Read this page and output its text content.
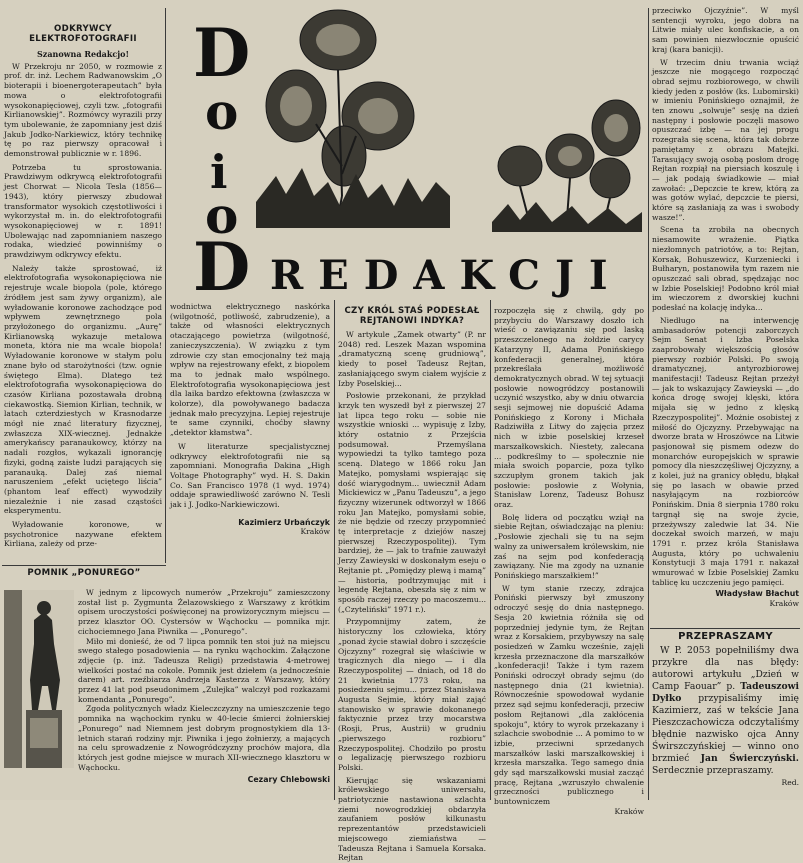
ODKRYWCY ELEKTROFOTOGRAFII
Szanowna Redakcjo!

W Przekroju nr 2050, w rozmowie z prof. dr. inż. Lechem Radwanowskim „O bioterapii i bioenergoterapeutach” była mowa o elektrofotografii wysokonapięciowej, czyli tzw. „fotografii Kirlianowskiej”. Rozmówcy wyrazili przy tym ubolewanie, że zapomniany jest dziś Jakub Jodko-Narkiewicz, który technikę tę po raz pierwszy opracował i demonstrował publicznie w r. 1896.

Potrzeba tu sprostowania. Prawdziwym odkrywcą elektrofotografii jest Chorwat — Nicola Tesla (1856—1943), który pierwszy zbudował transformator wysokich częstotliwości i wykorzystał m. in. do elektrofotografii wysokonapięciowej w r. 1891! Ubolewając nad zapomnianiem naszego rodaka, wiedzieć powinniśmy o prawdziwym odkrywcy efektu.

Należy także sprostować, iż elektrofotografia wysokonapięciowa nie rejestruje wcale biopola (pole, którego źródłem jest sam żywy organizm), ale wyładowanie koronowe zachodzące pod wpływem zewnętrznego pola przyłożonego do organizmu. „Aurę” Kirlianowską wykazuje metalowa moneta, która nie ma wcale biopola! Wyładowanie koronowe w stałym polu znane było od starożytności (tzw. ognie świętego Elma). Dlatego też elektrofotografia wysokonapięciowa do czasów Kirliana pozostawała drobną ciekawostką. Siemion Kirlian, technik, w latach czterdziestych w Krasnodarze mógł nie znać literatury fizycznej, zwłaszcza XIX-wiecznej. Jednakże amerykańscy paranaukowcy, którzy na nadali rozgłos, wykazali ignorancję fizyki, godną zaiste ludzi parających się paranauką. Dalej zaś niemal naruszeniem „efekt uciętego liścia” (phantom leaf effect) wywodziły niezależnie i nie zasad cząstości eksperymentu.

Wyładowanie koronowe, w psychotronice nazywane efektem Kirliana, zależy od prze-

D
o
i
o
D REDAKCJI

wodnictwa elektrycznego naskórka (wilgotność, potliwość, zabrudzenie), a także od własności elektrycznych otaczającego powietrza (wilgotność, zanieczyszczenia). W związku z tym zdrowie czy stan emocjonalny też mają wpływ na rejestrowany efekt, z biopolem ma to jednak mało wspólnego. Elektrofotografia wysokonapięciowa jest dla laika bardzo efektowna (zwłaszcza w kolorze), dla powoływanego badacza jednak mało precyzyjna. Lepiej rejestruje te same czynniki, choćby sławny „detektor kłamstwa”.

W literaturze specjalistycznej odkrywcy elektrofotografii nie są zapomniani. Monografia Dakina „High Voltage Photography” wyd. H. S. Dakin Co. San Francisco 1978 (1 wyd. 1974) oddaje sprawiedliwość zarówno N. Tesli jak i J. Jodko-Narkiewiczowi.

Kazimierz Urbańczyk
Kraków
CZY KRÓL STAŚ PODESŁAŁ REJTANOWI INDYKA?

W artykule „Zamek otwarty” (P. nr 2048) red. Leszek Mazan wspomina „dramatyczną scenę grudniową”, kiedy to poseł Tadeusz Rejtan, zasłaniającego swym ciałem wyjście z Izby Poselskiej...

Posłowie przekonani, że przykład krzyk ten wyszedł był z pierwszej 27 lat lipca tego roku — sobie nie wszystkie wnioski ... wypisuję z Izby, który ostatnio z Przejścia podsumował. Przemyślana wypowiedzi ta tylko tamtego poza sceną. Dlatego w 1866 roku Jan Matejko, pomysłami wspierając się dość wiarygodnym... uwiecznił Adam Mickiewicz w „Panu Tadeuszu”, a jego fizyczny wizerunek odtworzył w 1866 roku Jan Matejko, pomysłami sobie, że nie będzie od rzeczy przypomnieć tę interpretacje z dziejów naszej pierwszej Rzeczypospolitej). Tym bardziej, że — jak to trafnie zauważył Jerzy Zawieyski w doskonałym eseju o Rejtanie pt. „Pomiędzy plewą i mamą” — historia, podtrzymując mit i legendę Rejtana, obeszła się z nim w sposób raczej rzeczy po macoszemu... („Czyteliński” 1971 r.).

Przypomnijmy zatem, że historyczny los człowieka, który „ponad życie stawiał dobro i szczęście Ojczyzny” rozegrał się właściwie w tragicznych dla niego — i dla Rzeczypospolitej — dniach, od 18 do 21 kwietnia 1773 roku, na posiedzeniu sejmu... przez Stanisława Augusta Sejmie, który miał zająć stanowisko w sprawie dokonanego faktycznie przez trzy mocarstwa (Rosji, Prus, Austrii) w grudniu „pierwszego rozbioru” Rzeczypospolitej. Chodziło po prostu o legalizację pierwszego rozbioru Polski.

Kierując się wskazaniami królewskiego uniwersału, patriotycznie nastawiona szlachta ziemi nowogrodzkiej obdarzyła zaufaniem posłów kilkunastu reprezentantów przedstawicieli miejscowego ziemiaństwa — Tadeusza Rejtana i Samuela Korsaka. Rejtan

rozpoczęła się z chwilą, gdy po przybyciu do Warszawy doszło ich wieść o zawiązaniu się pod laską przeszczelonego na żołdzie carycy Katarzyny II, Adama Ponińskiego konfederacji generalnej, która przekreślała możliwość demokratycznych obrad. W tej sytuacji posłowie nowogródzcy postanowili uczynić wszystko, aby w dniu otwarcia sesji sejmowej nie dopuścić Adama Ponińskiego z Korony i Michała Radziwiłła z Litwy do zajęcia przez nich w izbie poselskiej krzeseł marszałkowskich. Niestety, zalecana ... podkreślmy to — społecznie nie miała swoich poparcie, poza tylko szczupłym gronem takich jak posłowie: posłowie z Wołynia, Stanisław Lorenz, Tadeusz Bohusz oraz.

Bolę lidera od początku wziął na siebie Rejtan, oświadczając na pleniu: „Posłowie zjechali się tu na sejm walny za uniwersałem królewskim, nie zaś na sejm pod konfederacją zawiązany. Nie ma zgody na uznanie Ponińskiego marszałkiem!”

W tym stanie rzeczy, zdrajca Poniński pierwszy był zmuszony odroczyć sesję do dnia następnego. Sesja 20 kwietnia różniła się od poprzedniej jedynie tym, że Rejtan wraz z Korsakiem, przybywszy na salę posiedzeń w Zamku wcześnie, zajęli krzesła przeznaczone dla marszałków „konfederacji! Także i tym razem Poniński odroczył obrady sejmu (do następnego dnia (21 kwietnia). Równocześnie spowodował wydanie przez sąd sejmu konfederacji, przeciw posłom Rejtanowi „dla zakłócenia spokoju”, który to wyrok przekazany i szlachcie swobodnie ... A pomimo to w izbie, przeciwni sprzedanych marszałków laski marszałkowskiej i krzesła marszałka. Tego samego dnia gdy sąd marszałkowski musiał zacząć pracę, Rejtana „wzruszyło chwalenie grzeczności publicznego i buntowniczem

Kraków

przeciwko Ojczyźnie”. W myśl sentencji wyroku, jego dobra na Litwie miały ulec konfiskacie, a on sam powinien niezwłocznie opuścić kraj (kara banicji).

W trzecim dniu trwania wciąż jeszcze nie mogącego rozpocząć obrad sejmu rozbiorowego, w chwili kiedy jeden z posłów (ks. Lubomirski) w imieniu Ponińskiego oznajmił, że ten znowu „solwuje” sesję na dzień następny i posłowie poczęli masowo opuszczać izbę — na jej progu rozegrała się scena, która tak dobrze pamiętamy z obrazu Matejki. Tarasujący swoją osobą posłom drogę Rejtan rozpiął na piersiach koszulę i — jak podają świadkowie — miał zawołać: „Depczcie te krew, którą za was gotów wylać, depczcie te piersi, które są zasłaniają za was i swobody wasze!”.

Scena ta zrobiła na obecnych niesamowite wrażenie. Piątka niezłomnych patriotów, a to: Rejtan, Korsak, Bohuszewicz, Kurzeniecki i Bułharyn, postanowiła tym razem nie opuszczać sali obrad, spędzając noc w Izbie Poselskiej! Podobno król miał im wieczorem z dworskiej kuchni podesłać na kolację indyka...

Niedługo na interwencję ambasadorów potencji zaborczych Sejm Senat i Izba Poselska zaaprobowały większością głosów pierwszy rozbiór Polski. Po swoją dramatycznej, antyrozbiorowej manifestacji! Tadeusz Rejtan przeżył — jak to wskazujący Zawieyski — „do końca drogę swojej klęski, która mijała się w jedno z klęską Rzeczypospolitej”. Możnie osobistej z miłość do Ojczyzny. Przebywając na dworze brata w Hroszówce na Litwie pasjonował się pismem odezw do monarchów europejskich w sprawie pomocy dla nieszczęśliwej Ojczyzny, a z kolei, już na granicy obłędu, błąkał się po lasach w obawie przed nasyłającym na rozbiorców Ponińskim. Dnia 8 sierpnia 1780 roku targnął się na swoje życie, przeżywszy zaledwie lat 34. Nie doczekał swoich marzeń, w maju 1791 r. przez króla Stanisława Augusta, który po uchwaleniu Konstytucji 3 maja 1791 r. nakazał wmurować w Izbie Poselskiej Zamku tablicę ku uczczeniu jego pamięci.

Władysław Błachut
Kraków
PRZEPRASZAMY

W P. 2053 popełniliśmy dwa przykre dla nas błędy: autorowi artykułu „Dzień w Camp Faouar” p. Tadeuszowi Dyłko przypisaliśmy imię Kazimierz, zaś w tekście Jana Pieszczachowicza odczytaliśmy błędnie nazwisko ojca Anny Świrszczyńskiej — winno ono brzmieć Jan Świerczyński. Serdecznie przepraszamy.

Red.
POMNIK „PONUREGO”

W jednym z lipcowych numerów „Przekroju” zamieszczony został list p. Zygmunta Żelazowskiego z Warszawy z krótkim opisem uroczystości poświęconej na prowizorycznym miejscu — przez klasztor OO. Cystersów w Wąchocku — pomnika mjr. cichociemnego Jana Piwnika — „Ponurego”.

Miło mi donieść, że od 7 lipca pomnik ten stoi już na miejscu swego stałego posadowienia — na rynku wąchockim. Załączone zdjęcie (p. inż. Tadeusza Religi) przedstawia 4-metrowej wielkości postać na cokole. Pomnik jest dziełem (a jednocześnie darem) art. rzeźbiarza Andrzeja Kasterza z Warszawy, który przez 41 lat pod pseudonimem „Zulejka” walczył pod rozkazami komendanta „Ponurego”.

Zgoda politycznych władz Kieleczczyzny na umieszczenie tego pomnika na wąchockim rynku w 40-lecie śmierci żołnierskiej „Ponurego” nad Niemnem jest dobrym prognostykiem dla 13-letnich starań rodziny mjr. Piwnika i jego żołnierzy, a mających na celu sprowadzenie z Nowogródczyzny prochów majora, dla których jest godne miejsce w murach XII-wiecznego klasztoru w Wąchocku.

Cezary Chlebowski
